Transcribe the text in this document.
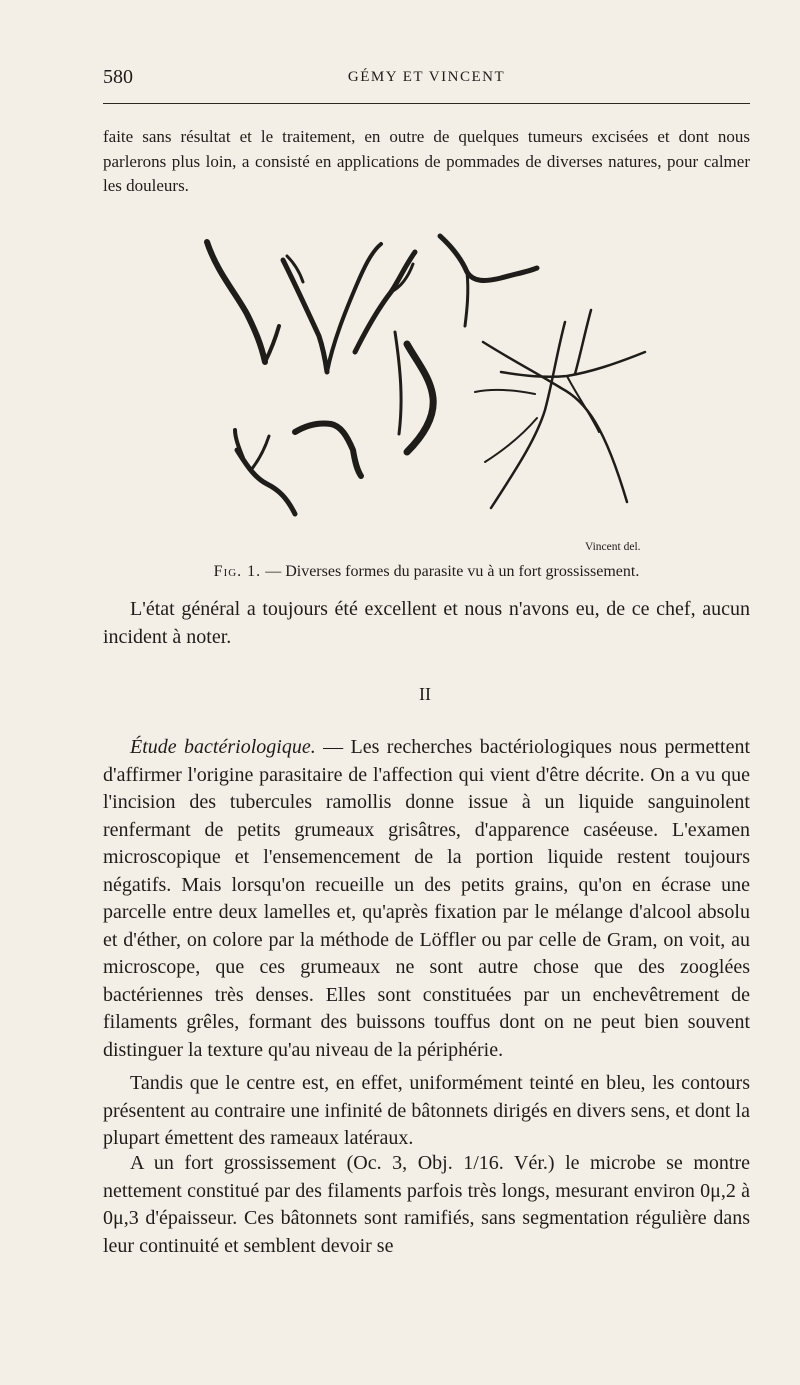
580	GÉMY ET VINCENT

faite sans résultat et le traitement, en outre de quelques tumeurs excisées et dont nous parlerons plus loin, a consisté en applications de pommades de diverses natures, pour calmer les douleurs.

Vincent del.
Fig. 1. — Diverses formes du parasite vu à un fort grossissement.

L'état général a toujours été excellent et nous n'avons eu, de ce chef, aucun incident à noter.

II

Étude bactériologique. — Les recherches bactériologiques nous permettent d'affirmer l'origine parasitaire de l'affection qui vient d'être décrite. On a vu que l'incision des tubercules ramollis donne issue à un liquide sanguinolent renfermant de petits grumeaux grisâtres, d'apparence caséeuse. L'examen microscopique et l'ensemencement de la portion liquide restent toujours négatifs. Mais lorsqu'on recueille un des petits grains, qu'on en écrase une parcelle entre deux lamelles et, qu'après fixation par le mélange d'alcool absolu et d'éther, on colore par la méthode de Löffler ou par celle de Gram, on voit, au microscope, que ces grumeaux ne sont autre chose que des zooglées bactériennes très denses. Elles sont constituées par un enchevêtrement de filaments grêles, formant des buissons touffus dont on ne peut bien souvent distinguer la texture qu'au niveau de la périphérie.

Tandis que le centre est, en effet, uniformément teinté en bleu, les contours présentent au contraire une infinité de bâtonnets dirigés en divers sens, et dont la plupart émettent des rameaux latéraux.

A un fort grossissement (Oc. 3, Obj. 1/16. Vér.) le microbe se montre nettement constitué par des filaments parfois très longs, mesurant environ 0μ,2 à 0μ,3 d'épaisseur. Ces bâtonnets sont ramifiés, sans segmentation régulière dans leur continuité et semblent devoir se
